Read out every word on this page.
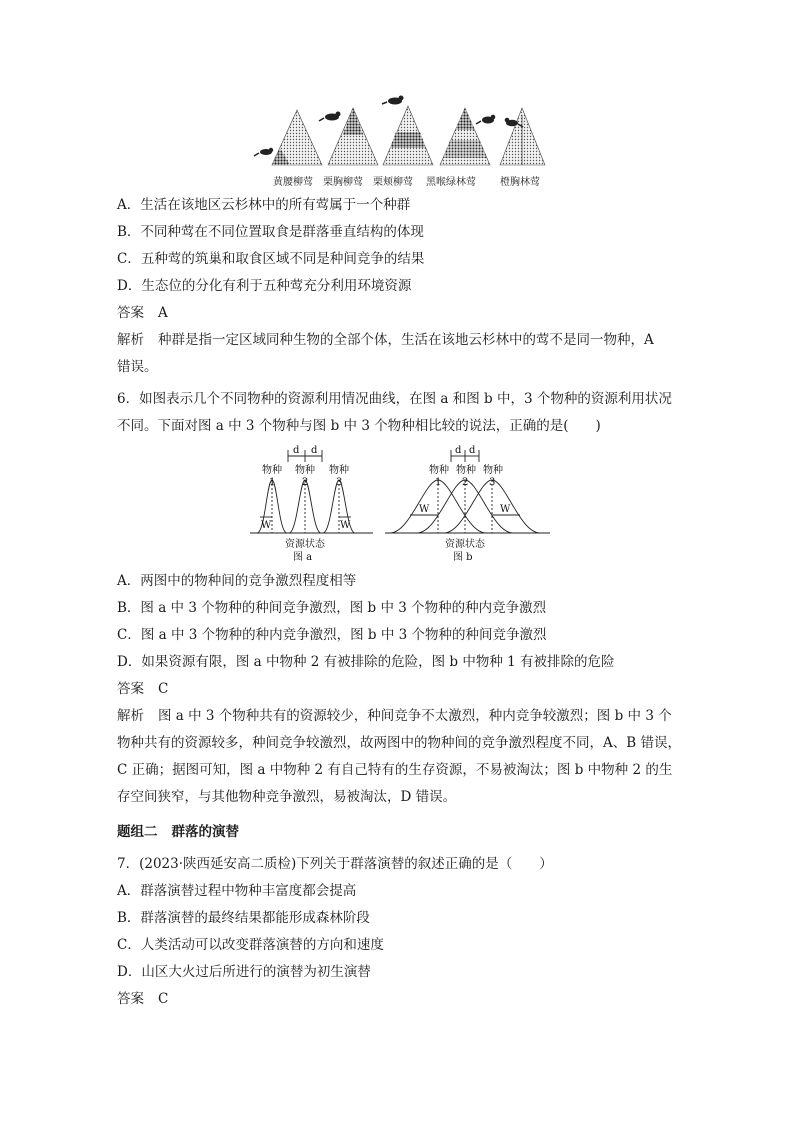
黄腰柳莺 栗胸柳莺 栗颊柳莺 黑喉绿林莺 橙胸林莺
A．生活在该地区云杉林中的所有莺属于一个种群
B．不同种莺在不同位置取食是群落垂直结构的体现
C．五种莺的筑巢和取食区域不同是种间竞争的结果
D．生态位的分化有利于五种莺充分利用环境资源
答案 A
解析 种群是指一定区域同种生物的全部个体，生活在该地云杉林中的莺不是同一物种，A
错误。
6．如图表示几个不同物种的资源利用情况曲线，在图 a 和图 b 中，3 个物种的资源利用状况
不同。下面对图 a 中 3 个物种与图 b 中 3 个物种相比较的说法，正确的是(　　)
物种
1
物种
2
物种
3
d d
W	W
资源状态
图 a
物种
1
物种
2
物种
3
d d
W	W
资源状态
图 b
A．两图中的物种间的竞争激烈程度相等
B．图 a 中 3 个物种的种间竞争激烈，图 b 中 3 个物种的种内竞争激烈
C．图 a 中 3 个物种的种内竞争激烈，图 b 中 3 个物种的种间竞争激烈
D．如果资源有限，图 a 中物种 2 有被排除的危险，图 b 中物种 1 有被排除的危险
答案 C
解析 图 a 中 3 个物种共有的资源较少，种间竞争不太激烈，种内竞争较激烈；图 b 中 3 个物种共有的资源较多，种间竞争较激烈，故两图中的物种间的竞争激烈程度不同，A、B 错误，C 正确；据图可知，图 a 中物种 2 有自己特有的生存资源，不易被淘汰；图 b 中物种 2 的生存空间狭窄，与其他物种竞争激烈，易被淘汰，D 错误。
题组二 群落的演替
7．(2023·陕西延安高二质检)下列关于群落演替的叙述正确的是（　　）
A．群落演替过程中物种丰富度都会提高
B．群落演替的最终结果都能形成森林阶段
C．人类活动可以改变群落演替的方向和速度
D．山区大火过后所进行的演替为初生演替
答案 C
